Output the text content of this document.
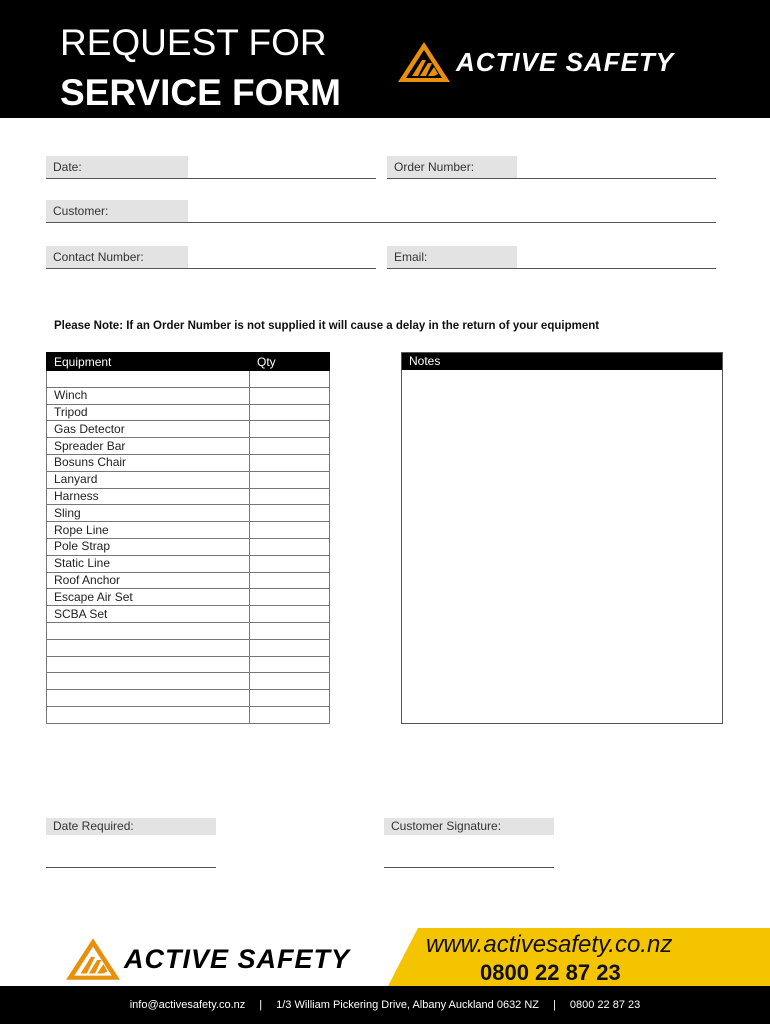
REQUEST FOR
SERVICE FORM
ACTIVE SAFETY
Date:	Order Number:
Customer:
Contact Number:	Email:
Please Note: If an Order Number is not supplied it will cause a delay in the return of your equipment
Equipment	Qty

Winch	
Tripod	
Gas Detector	
Spreader Bar	
Bosuns Chair	
Lanyard	
Harness	
Sling	
Rope Line	
Pole Strap	
Static Line	
Roof Anchor	
Escape Air Set	
SCBA Set	

Notes
Date Required:	Customer Signature:
ACTIVE SAFETY	www.activesafety.co.nz
0800 22 87 23
info@activesafety.co.nz | 1/3 William Pickering Drive, Albany Auckland 0632 NZ | 0800 22 87 23
